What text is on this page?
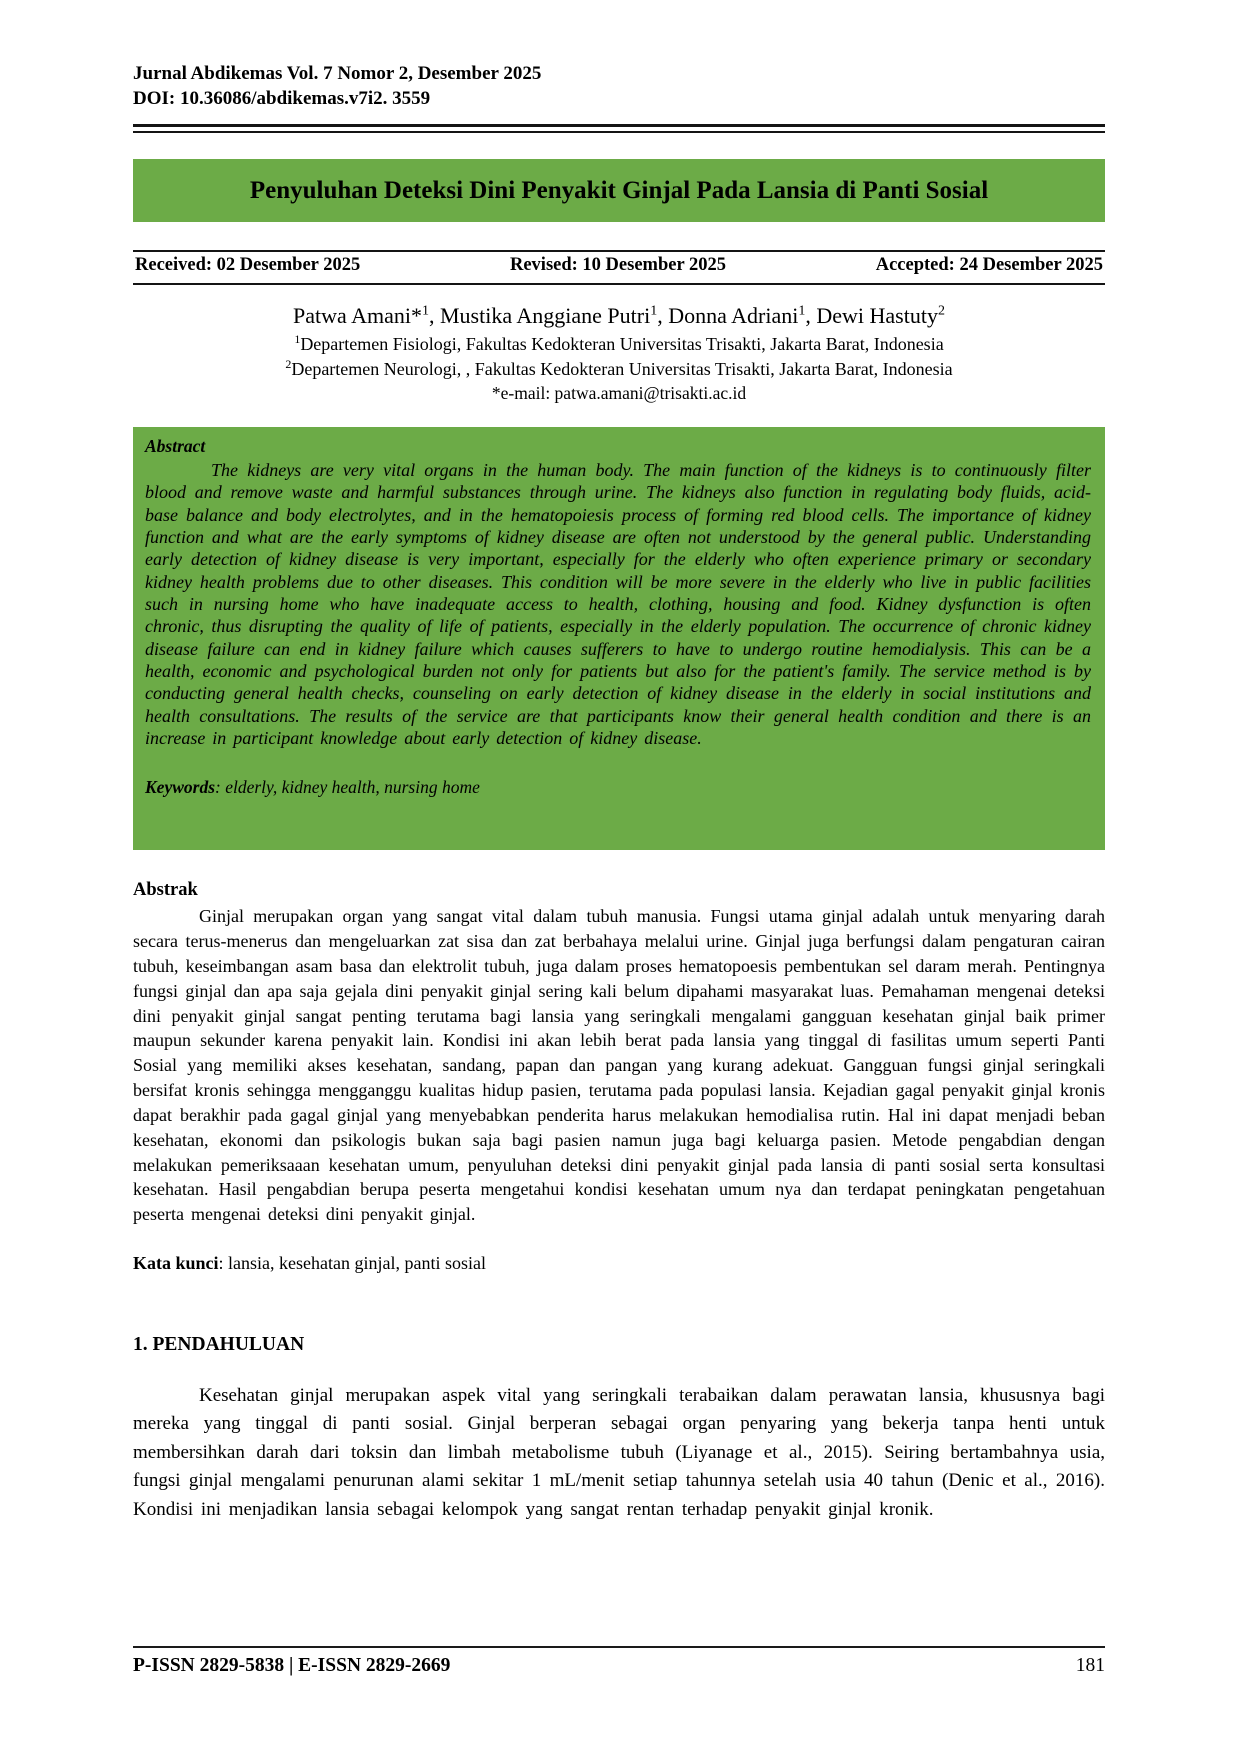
Jurnal Abdikemas Vol. 7 Nomor 2, Desember 2025
DOI: 10.36086/abdikemas.v7i2. 3559
Penyuluhan Deteksi Dini Penyakit Ginjal Pada Lansia di Panti Sosial
Received: 02 Desember 2025	Revised: 10 Desember 2025	Accepted: 24 Desember 2025
Patwa Amani*$^1$, Mustika Anggiane Putri$^1$, Donna Adriani$^1$, Dewi Hastuty$^2$
$^1$Departemen Fisiologi, Fakultas Kedokteran Universitas Trisakti, Jakarta Barat, Indonesia
$^2$Departemen Neurologi, , Fakultas Kedokteran Universitas Trisakti, Jakarta Barat, Indonesia
*e-mail: patwa.amani@trisakti.ac.id
Abstract
The kidneys are very vital organs in the human body. The main function of the kidneys is to continuously filter blood and remove waste and harmful substances through urine. The kidneys also function in regulating body fluids, acid-base balance and body electrolytes, and in the hematopoiesis process of forming red blood cells. The importance of kidney function and what are the early symptoms of kidney disease are often not understood by the general public. Understanding early detection of kidney disease is very important, especially for the elderly who often experience primary or secondary kidney health problems due to other diseases. This condition will be more severe in the elderly who live in public facilities such in nursing home who have inadequate access to health, clothing, housing and food. Kidney dysfunction is often chronic, thus disrupting the quality of life of patients, especially in the elderly population. The occurrence of chronic kidney disease failure can end in kidney failure which causes sufferers to have to undergo routine hemodialysis. This can be a health, economic and psychological burden not only for patients but also for the patient's family. The service method is by conducting general health checks, counseling on early detection of kidney disease in the elderly in social institutions and health consultations. The results of the service are that participants know their general health condition and there is an increase in participant knowledge about early detection of kidney disease.
Keywords: elderly, kidney health, nursing home
Abstrak
Ginjal merupakan organ yang sangat vital dalam tubuh manusia. Fungsi utama ginjal adalah untuk menyaring darah secara terus-menerus dan mengeluarkan zat sisa dan zat berbahaya melalui urine. Ginjal juga berfungsi dalam pengaturan cairan tubuh, keseimbangan asam basa dan elektrolit tubuh, juga dalam proses hematopoesis pembentukan sel daram merah. Pentingnya fungsi ginjal dan apa saja gejala dini penyakit ginjal sering kali belum dipahami masyarakat luas. Pemahaman mengenai deteksi dini penyakit ginjal sangat penting terutama bagi lansia yang seringkali mengalami gangguan kesehatan ginjal baik primer maupun sekunder karena penyakit lain. Kondisi ini akan lebih berat pada lansia yang tinggal di fasilitas umum seperti Panti Sosial yang memiliki akses kesehatan, sandang, papan dan pangan yang kurang adekuat. Gangguan fungsi ginjal seringkali bersifat kronis sehingga mengganggu kualitas hidup pasien, terutama pada populasi lansia. Kejadian gagal penyakit ginjal kronis dapat berakhir pada gagal ginjal yang menyebabkan penderita harus melakukan hemodialisa rutin. Hal ini dapat menjadi beban kesehatan, ekonomi dan psikologis bukan saja bagi pasien namun juga bagi keluarga pasien. Metode pengabdian dengan melakukan pemeriksaaan kesehatan umum, penyuluhan deteksi dini penyakit ginjal pada lansia di panti sosial serta konsultasi kesehatan. Hasil pengabdian berupa peserta mengetahui kondisi kesehatan umum nya dan terdapat peningkatan pengetahuan peserta mengenai deteksi dini penyakit ginjal.
Kata kunci: lansia, kesehatan ginjal, panti sosial
1. PENDAHULUAN
Kesehatan ginjal merupakan aspek vital yang seringkali terabaikan dalam perawatan lansia, khususnya bagi mereka yang tinggal di panti sosial. Ginjal berperan sebagai organ penyaring yang bekerja tanpa henti untuk membersihkan darah dari toksin dan limbah metabolisme tubuh (Liyanage et al., 2015). Seiring bertambahnya usia, fungsi ginjal mengalami penurunan alami sekitar 1 mL/menit setiap tahunnya setelah usia 40 tahun (Denic et al., 2016). Kondisi ini menjadikan lansia sebagai kelompok yang sangat rentan terhadap penyakit ginjal kronik.
P-ISSN 2829-5838 | E-ISSN 2829-2669	181
